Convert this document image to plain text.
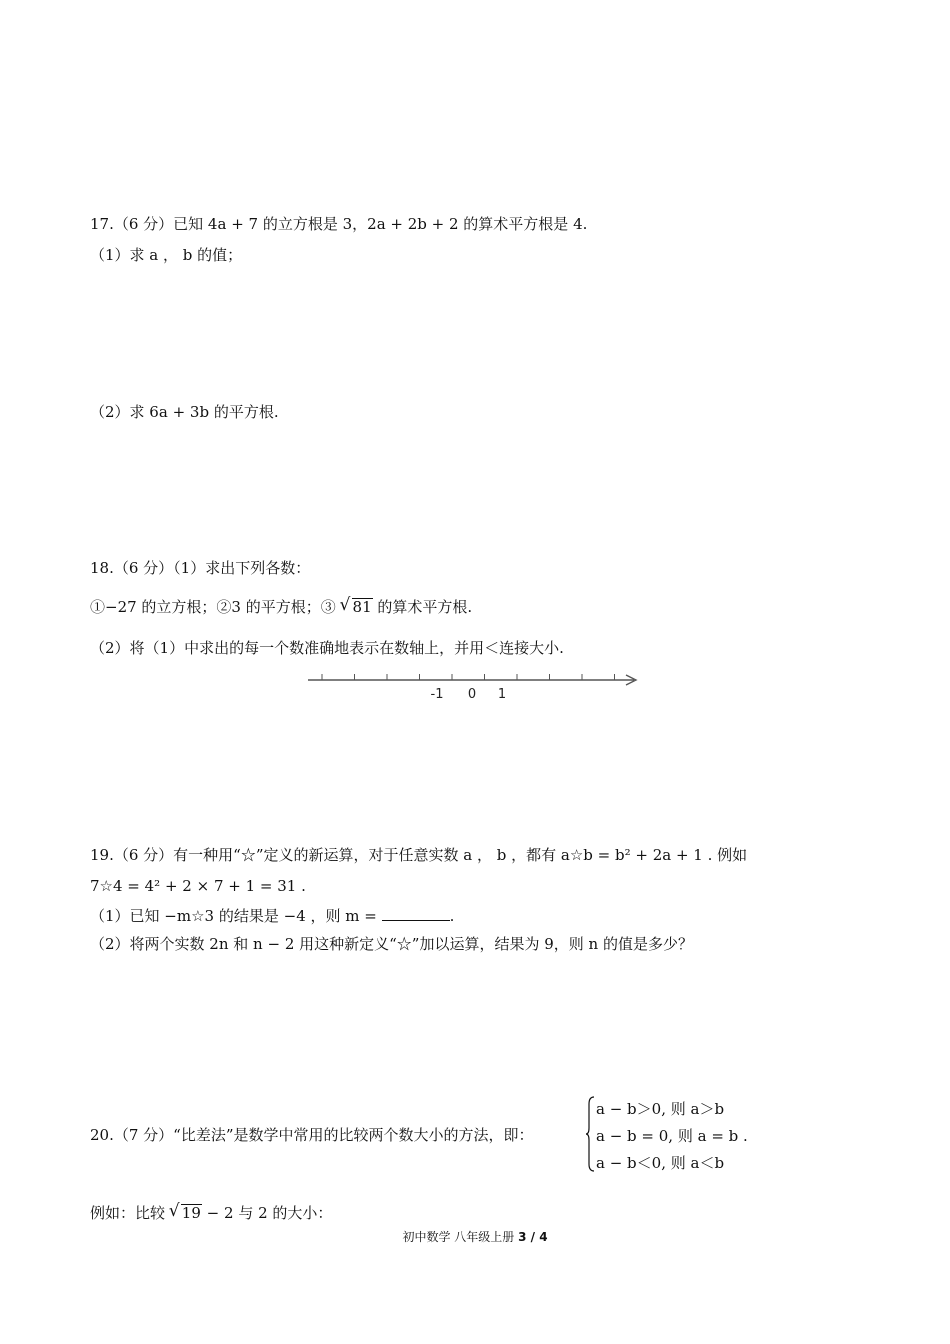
17.（6 分）已知 4a + 7 的立方根是 3，2a + 2b + 2 的算术平方根是 4.
（1）求 a ， b 的值；
（2）求 6a + 3b 的平方根.
18.（6 分）（1）求出下列各数：
①−27 的立方根；②3 的平方根；③ √ 81 的算术平方根.
（2）将（1）中求出的每一个数准确地表示在数轴上，并用＜连接大小.
-1 0 1
19.（6 分）有一种用“☆”定义的新运算，对于任意实数 a ， b ，都有 a☆b = b² + 2a + 1 . 例如
7☆4 = 4² + 2 × 7 + 1 = 31 .
（1）已知 −m☆3 的结果是 −4 ，则 m =	.
（2）将两个实数 2n 和 n − 2 用这种新定义“☆”加以运算，结果为 9，则 n 的值是多少？
20.（7 分）“比差法”是数学中常用的比较两个数大小的方法，即：
a − b＞0, 则 a＞b
a − b = 0, 则 a = b .
a − b＜0, 则 a＜b
例如：比较 √ 19 − 2 与 2 的大小：
初中数学 八年级上册 3 / 4
